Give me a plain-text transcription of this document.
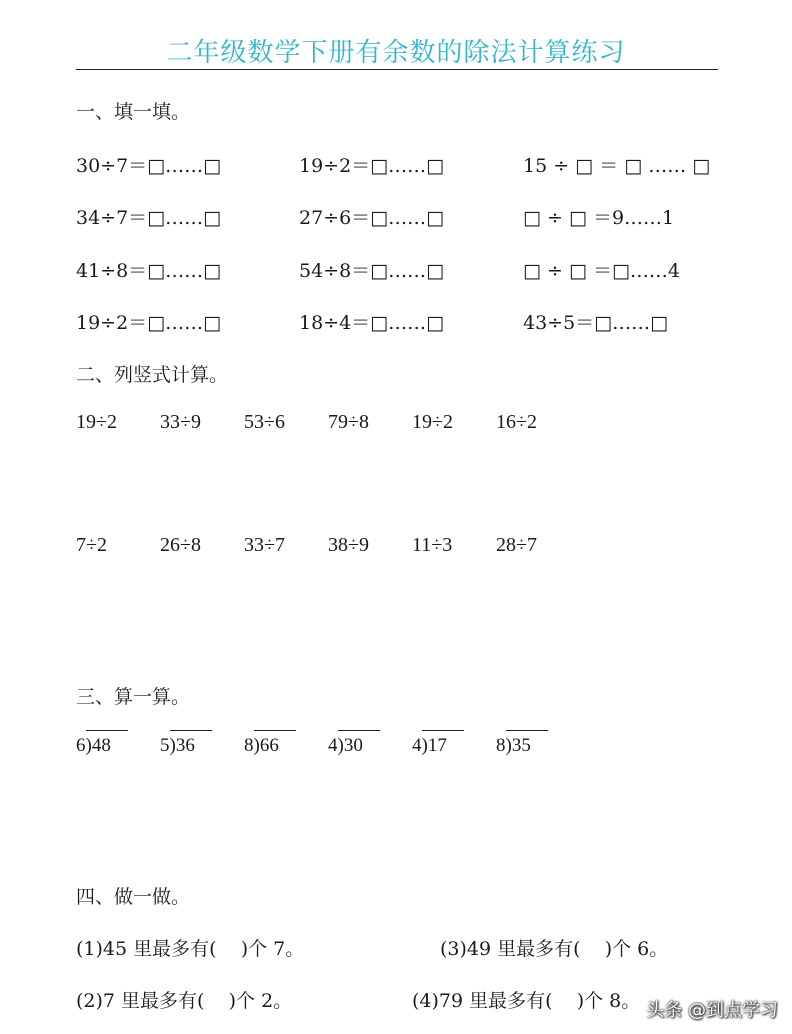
二年级数学下册有余数的除法计算练习
一、填一填。
30÷7＝□……□	19÷2＝□……□	15 ÷ □ ＝ □ …… □
34÷7＝□……□	27÷6＝□……□	□ ÷ □ ＝9……1
41÷8＝□……□	54÷8＝□……□	□ ÷ □ ＝□……4
19÷2＝□……□	18÷4＝□……□	43÷5＝□……□
二、列竖式计算。
19÷2 33÷9 53÷6 79÷8 19÷2 16÷2
7÷2	26÷8 33÷7 38÷9 11÷3 28÷7
三、算一算。
6)48	5)36	8)66	4)30	4)17	8)35
四、做一做。
(1)45 里最多有(    )个 7。	(3)49 里最多有(    )个 6。
(2)7 里最多有(    )个 2。	(4)79 里最多有(    )个 8。 头条 @到点学习
